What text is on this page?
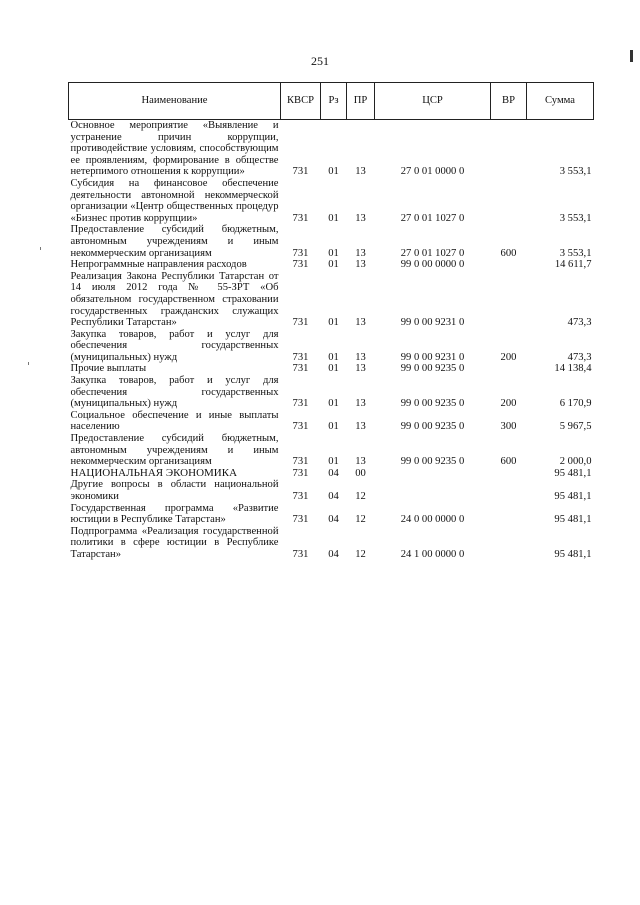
251
Наименование	КВСР	Рз	ПР	ЦСР	ВР	Сумма
Основное мероприятие «Выявление и устранение причин коррупции, противодействие условиям, способствующим ее проявлениям, формирование в обществе нетерпимого отношения к коррупции»	731	01	13	27 0 01 0000 0		3 553,1
Субсидия на финансовое обеспечение деятельности автономной некоммерческой организации «Центр общественных процедур «Бизнес против коррупции»	731	01	13	27 0 01 1027 0		3 553,1
Предоставление субсидий бюджетным, автономным учреждениям и иным некоммерческим организациям	731	01	13	27 0 01 1027 0	600	3 553,1
Непрограммные направления расходов	731	01	13	99 0 00 0000 0		14 611,7
Реализация Закона Республики Татарстан от 14 июля 2012 года № 55-ЗРТ «Об обязательном государственном страховании государственных гражданских служащих Республики Татарстан»	731	01	13	99 0 00 9231 0		473,3
Закупка товаров, работ и услуг для обеспечения государственных (муниципальных) нужд	731	01	13	99 0 00 9231 0	200	473,3
Прочие выплаты	731	01	13	99 0 00 9235 0		14 138,4
Закупка товаров, работ и услуг для обеспечения государственных (муниципальных) нужд	731	01	13	99 0 00 9235 0	200	6 170,9
Социальное обеспечение и иные выплаты населению	731	01	13	99 0 00 9235 0	300	5 967,5
Предоставление субсидий бюджетным, автономным учреждениям и иным некоммерческим организациям	731	01	13	99 0 00 9235 0	600	2 000,0
НАЦИОНАЛЬНАЯ ЭКОНОМИКА	731	04	00			95 481,1
Другие вопросы в области национальной экономики	731	04	12			95 481,1
Государственная программа «Развитие юстиции в Республике Татарстан»	731	04	12	24 0 00 0000 0		95 481,1
Подпрограмма «Реализация государственной политики в сфере юстиции в Республике Татарстан»	731	04	12	24 1 00 0000 0		95 481,1
